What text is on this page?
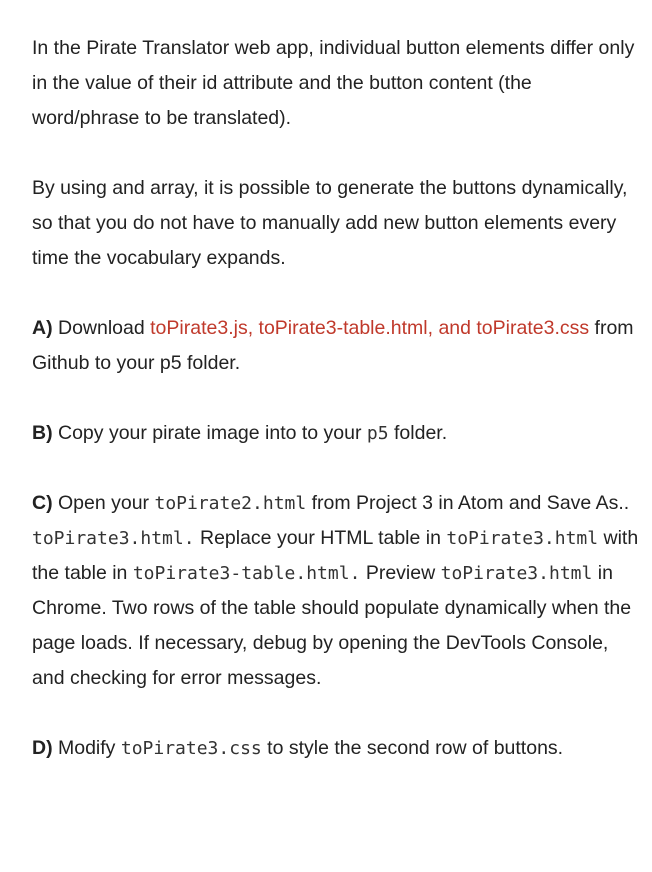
In the Pirate Translator web app, individual button elements differ only in the value of their id attribute and the button content (the word/phrase to be translated).

By using and array, it is possible to generate the buttons dynamically, so that you do not have to manually add new button elements every time the vocabulary expands.

A) Download toPirate3.js, toPirate3-table.html, and toPirate3.css from Github to your p5 folder.

B) Copy your pirate image into to your p5 folder.

C) Open your toPirate2.html from Project 3 in Atom and Save As.. toPirate3.html. Replace your HTML table in toPirate3.html with the table in toPirate3-table.html. Preview toPirate3.html in Chrome. Two rows of the table should populate dynamically when the page loads. If necessary, debug by opening the DevTools Console, and checking for error messages.

D) Modify toPirate3.css to style the second row of buttons.
